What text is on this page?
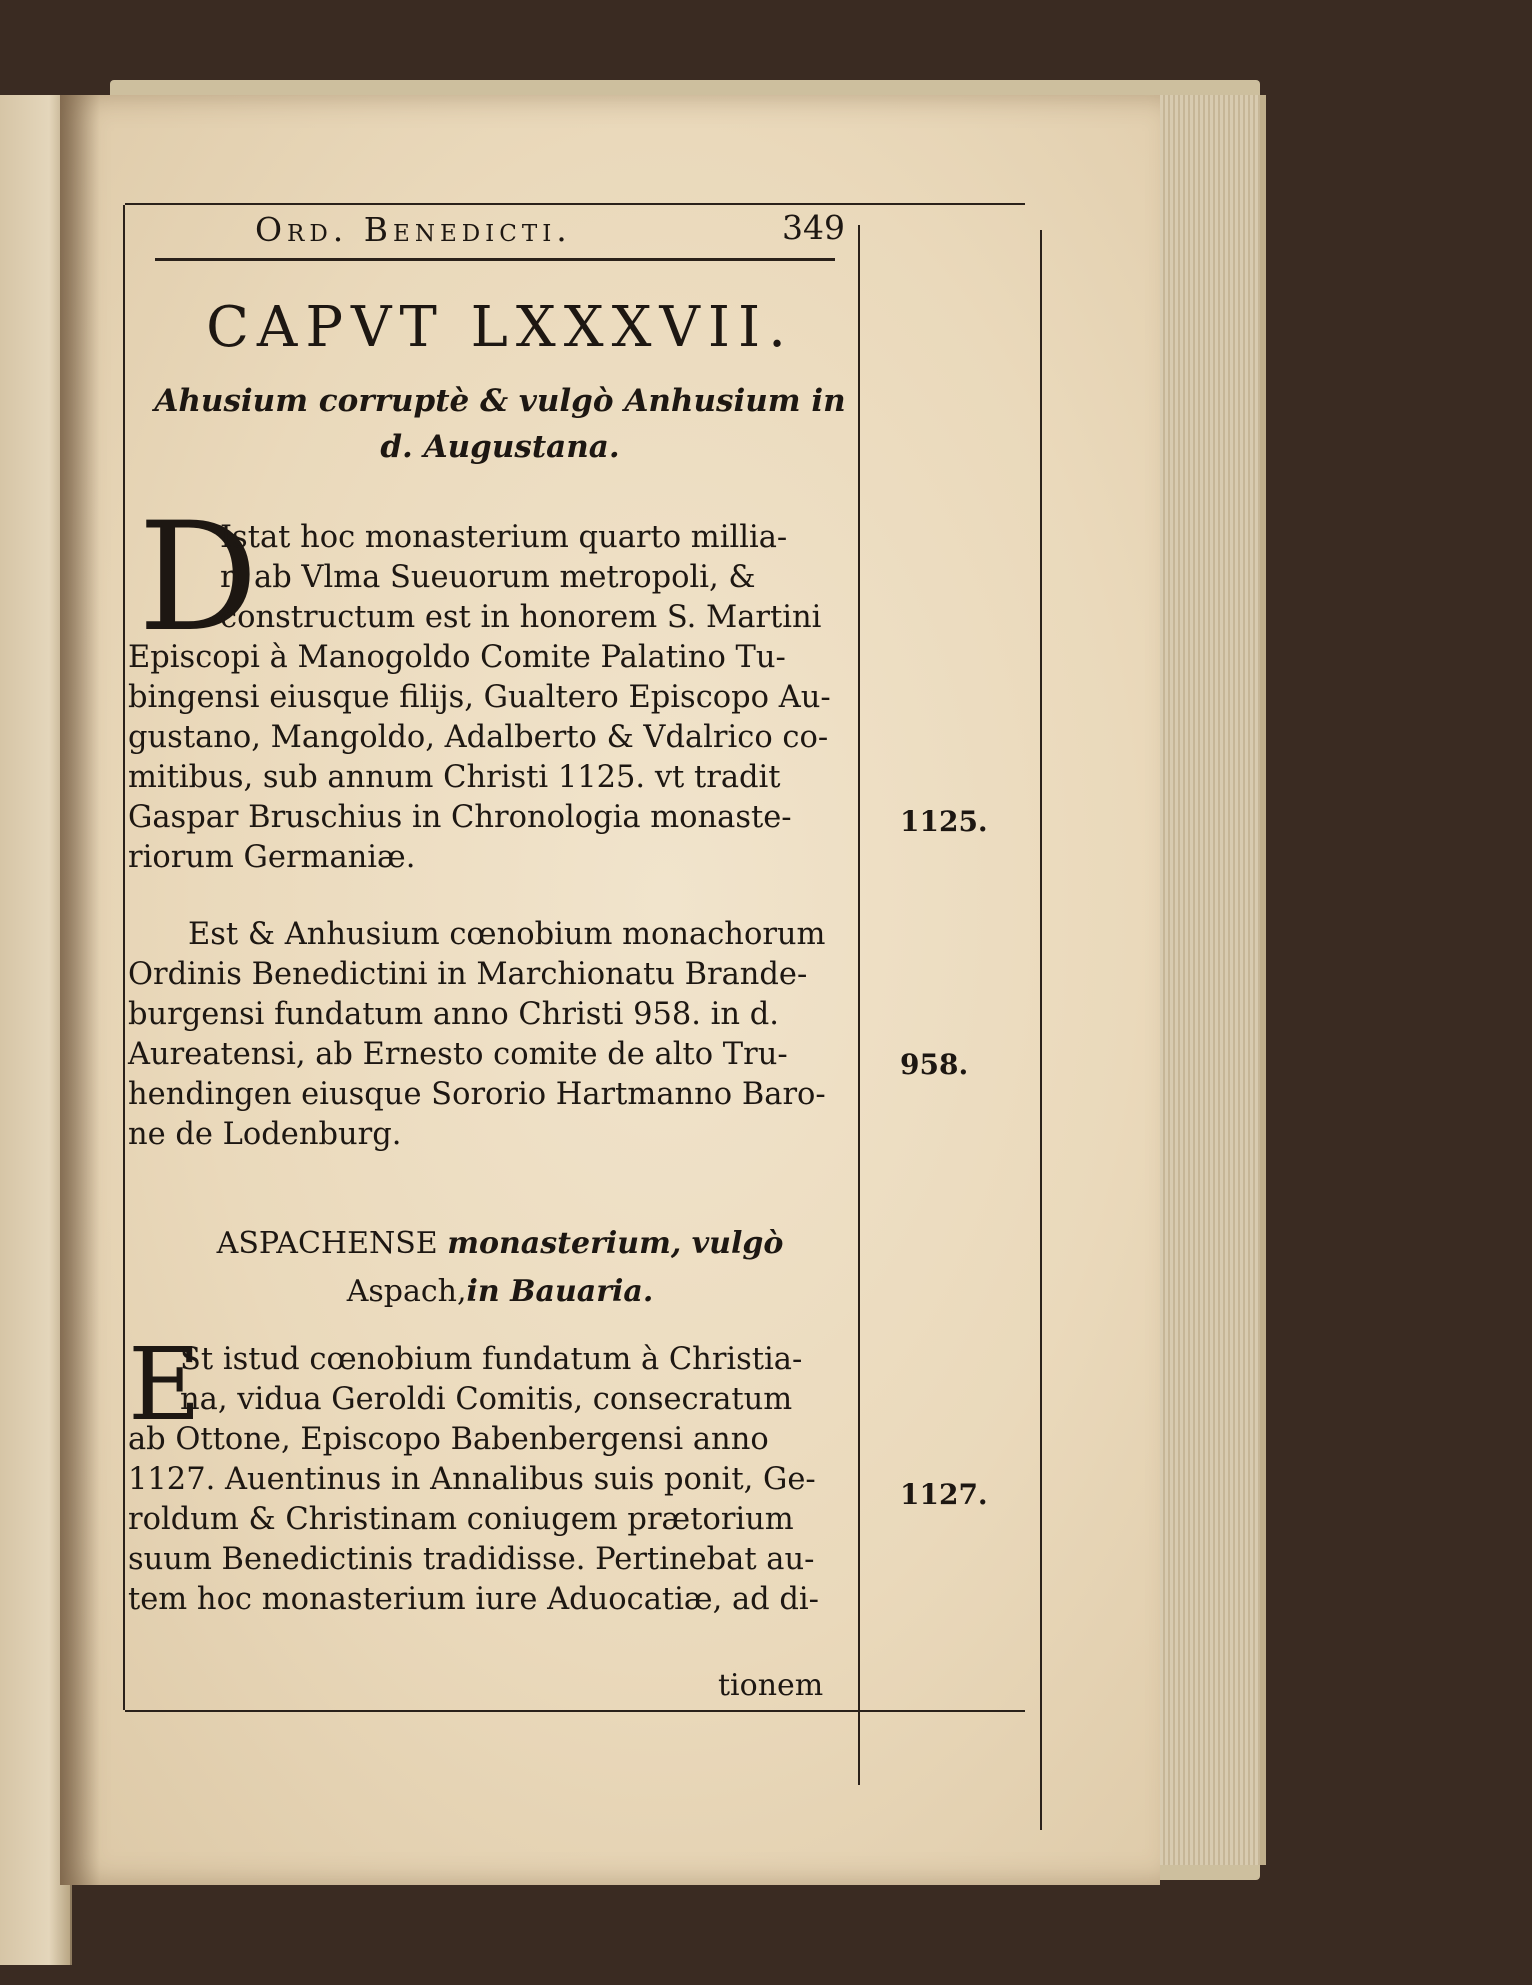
Ord. Benedicti.	349
CAPVT LXXXVII.
Ahusium corruptè & vulgò Anhusium in
d. Augustana.
D
Istat hoc monasterium quarto millia-
ri ab Vlma Sueuorum metropoli, &
constructum est in honorem S. Martini
Episcopi à Manogoldo Comite Palatino Tu-
bingensi eiusque filijs, Gualtero Episcopo Au-
gustano, Mangoldo, Adalberto & Vdalrico co-
mitibus, sub annum Christi 1125. vt tradit
Gaspar Bruschius in Chronologia monaste-
riorum Germaniæ.
Est & Anhusium cœnobium monachorum
Ordinis Benedictini in Marchionatu Brande-
burgensi fundatum anno Christi 958. in d.
Aureatensi, ab Ernesto comite de alto Tru-
hendingen eiusque Sororio Hartmanno Baro-
ne de Lodenburg.
ASPACHENSE monasterium, vulgò
Aspach,in Bauaria.
E
St istud cœnobium fundatum à Christia-
na, vidua Geroldi Comitis, consecratum
ab Ottone, Episcopo Babenbergensi anno
1127. Auentinus in Annalibus suis ponit, Ge-
roldum & Christinam coniugem prætorium
suum Benedictinis tradidisse. Pertinebat au-
tem hoc monasterium iure Aduocatiæ, ad di-
1125.
958.
1127.
tionem
